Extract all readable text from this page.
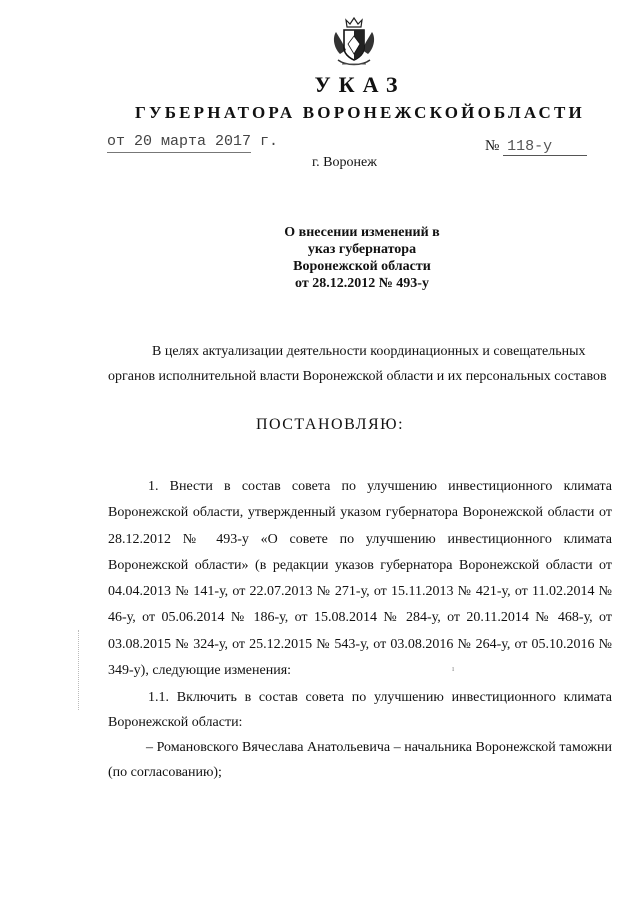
УКАЗ
ГУБЕРНАТОРА ВОРОНЕЖСКОЙОБЛАСТИ
от 20 марта 2017 г.	№ 118-у
г. Воронеж
О внесении изменений в
указ губернатора
Воронежской области
от 28.12.2012 № 493-у
В целях актуализации деятельности координационных и совещательных
органов исполнительной власти Воронежской области и их персональных составов
ПОСТАНОВЛЯЮ:
1. Внести в состав совета по улучшению инвестиционного климата Воронежской области, утвержденный указом губернатора Воронежской области от 28.12.2012 № 493-у «О совете по улучшению инвестиционного климата Воронежской области» (в редакции указов губернатора Воронежской области от 04.04.2013 № 141-у, от 22.07.2013 № 271-у, от 15.11.2013 № 421-у, от 11.02.2014 № 46-у, от 05.06.2014 № 186-у, от 15.08.2014 № 284-у, от 20.11.2014 № 468-у, от 03.08.2015 № 324-у, от 25.12.2015 № 543-у, от 03.08.2016 № 264-у, от 05.10.2016 № 349-у), следующие изменения:
1.1. Включить в состав совета по улучшению инвестиционного климата Воронежской области:
– Романовского Вячеслава Анатольевича – начальника Воронежской таможни (по согласованию);
ı
